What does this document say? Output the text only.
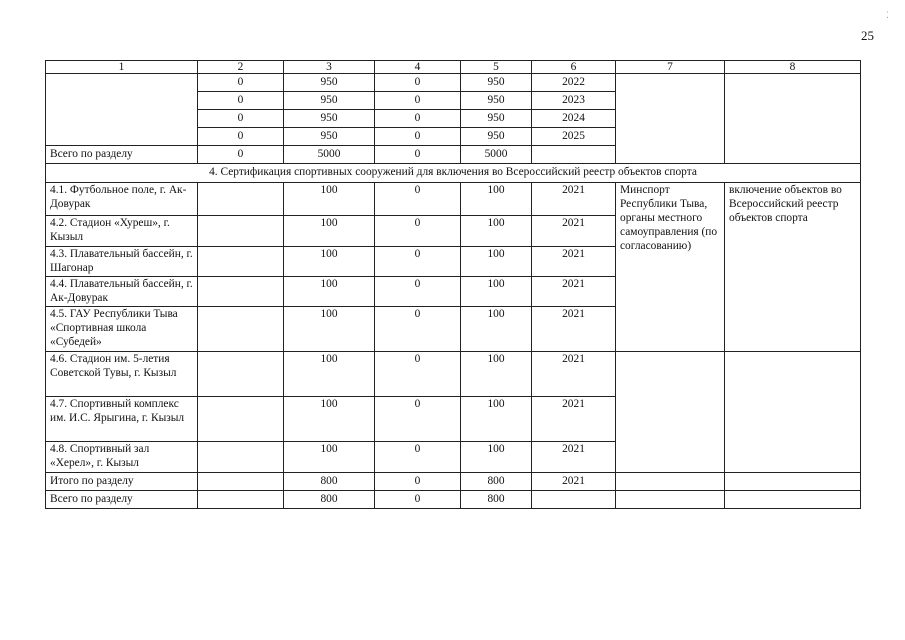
25
⁚
1	2	3	4	5	6	7	8
	0	950	0	950	2022		
	0	950	0	950	2023		
	0	950	0	950	2024		
	0	950	0	950	2025		
Всего по разделу	0	5000	0	5000			
4. Сертификация спортивных сооружений для включения во Всероссийский реестр объектов спорта							
4.1. Футбольное поле, г. Ак-Довурак		100	0	100	2021	Минспорт Республики Тыва, органы местного самоуправления (по согласованию)	включение объектов во Всероссийский реестр объектов спорта
4.2. Стадион «Хуреш», г. Кызыл		100	0	100	2021		
4.3. Плавательный бассейн, г. Шагонар		100	0	100	2021		
4.4. Плавательный бассейн, г. Ак-Довурак		100	0	100	2021		
4.5. ГАУ Республики Тыва «Спортивная школа «Субедей»		100	0	100	2021		
4.6. Стадион им. 5-летия Советской Тувы, г. Кызыл		100	0	100	2021		
4.7. Спортивный комплекс им. И.С. Ярыгина, г. Кызыл		100	0	100	2021		
4.8. Спортивный зал «Херел», г. Кызыл		100	0	100	2021		
Итого по разделу		800	0	800	2021		
Всего по разделу		800	0	800			
